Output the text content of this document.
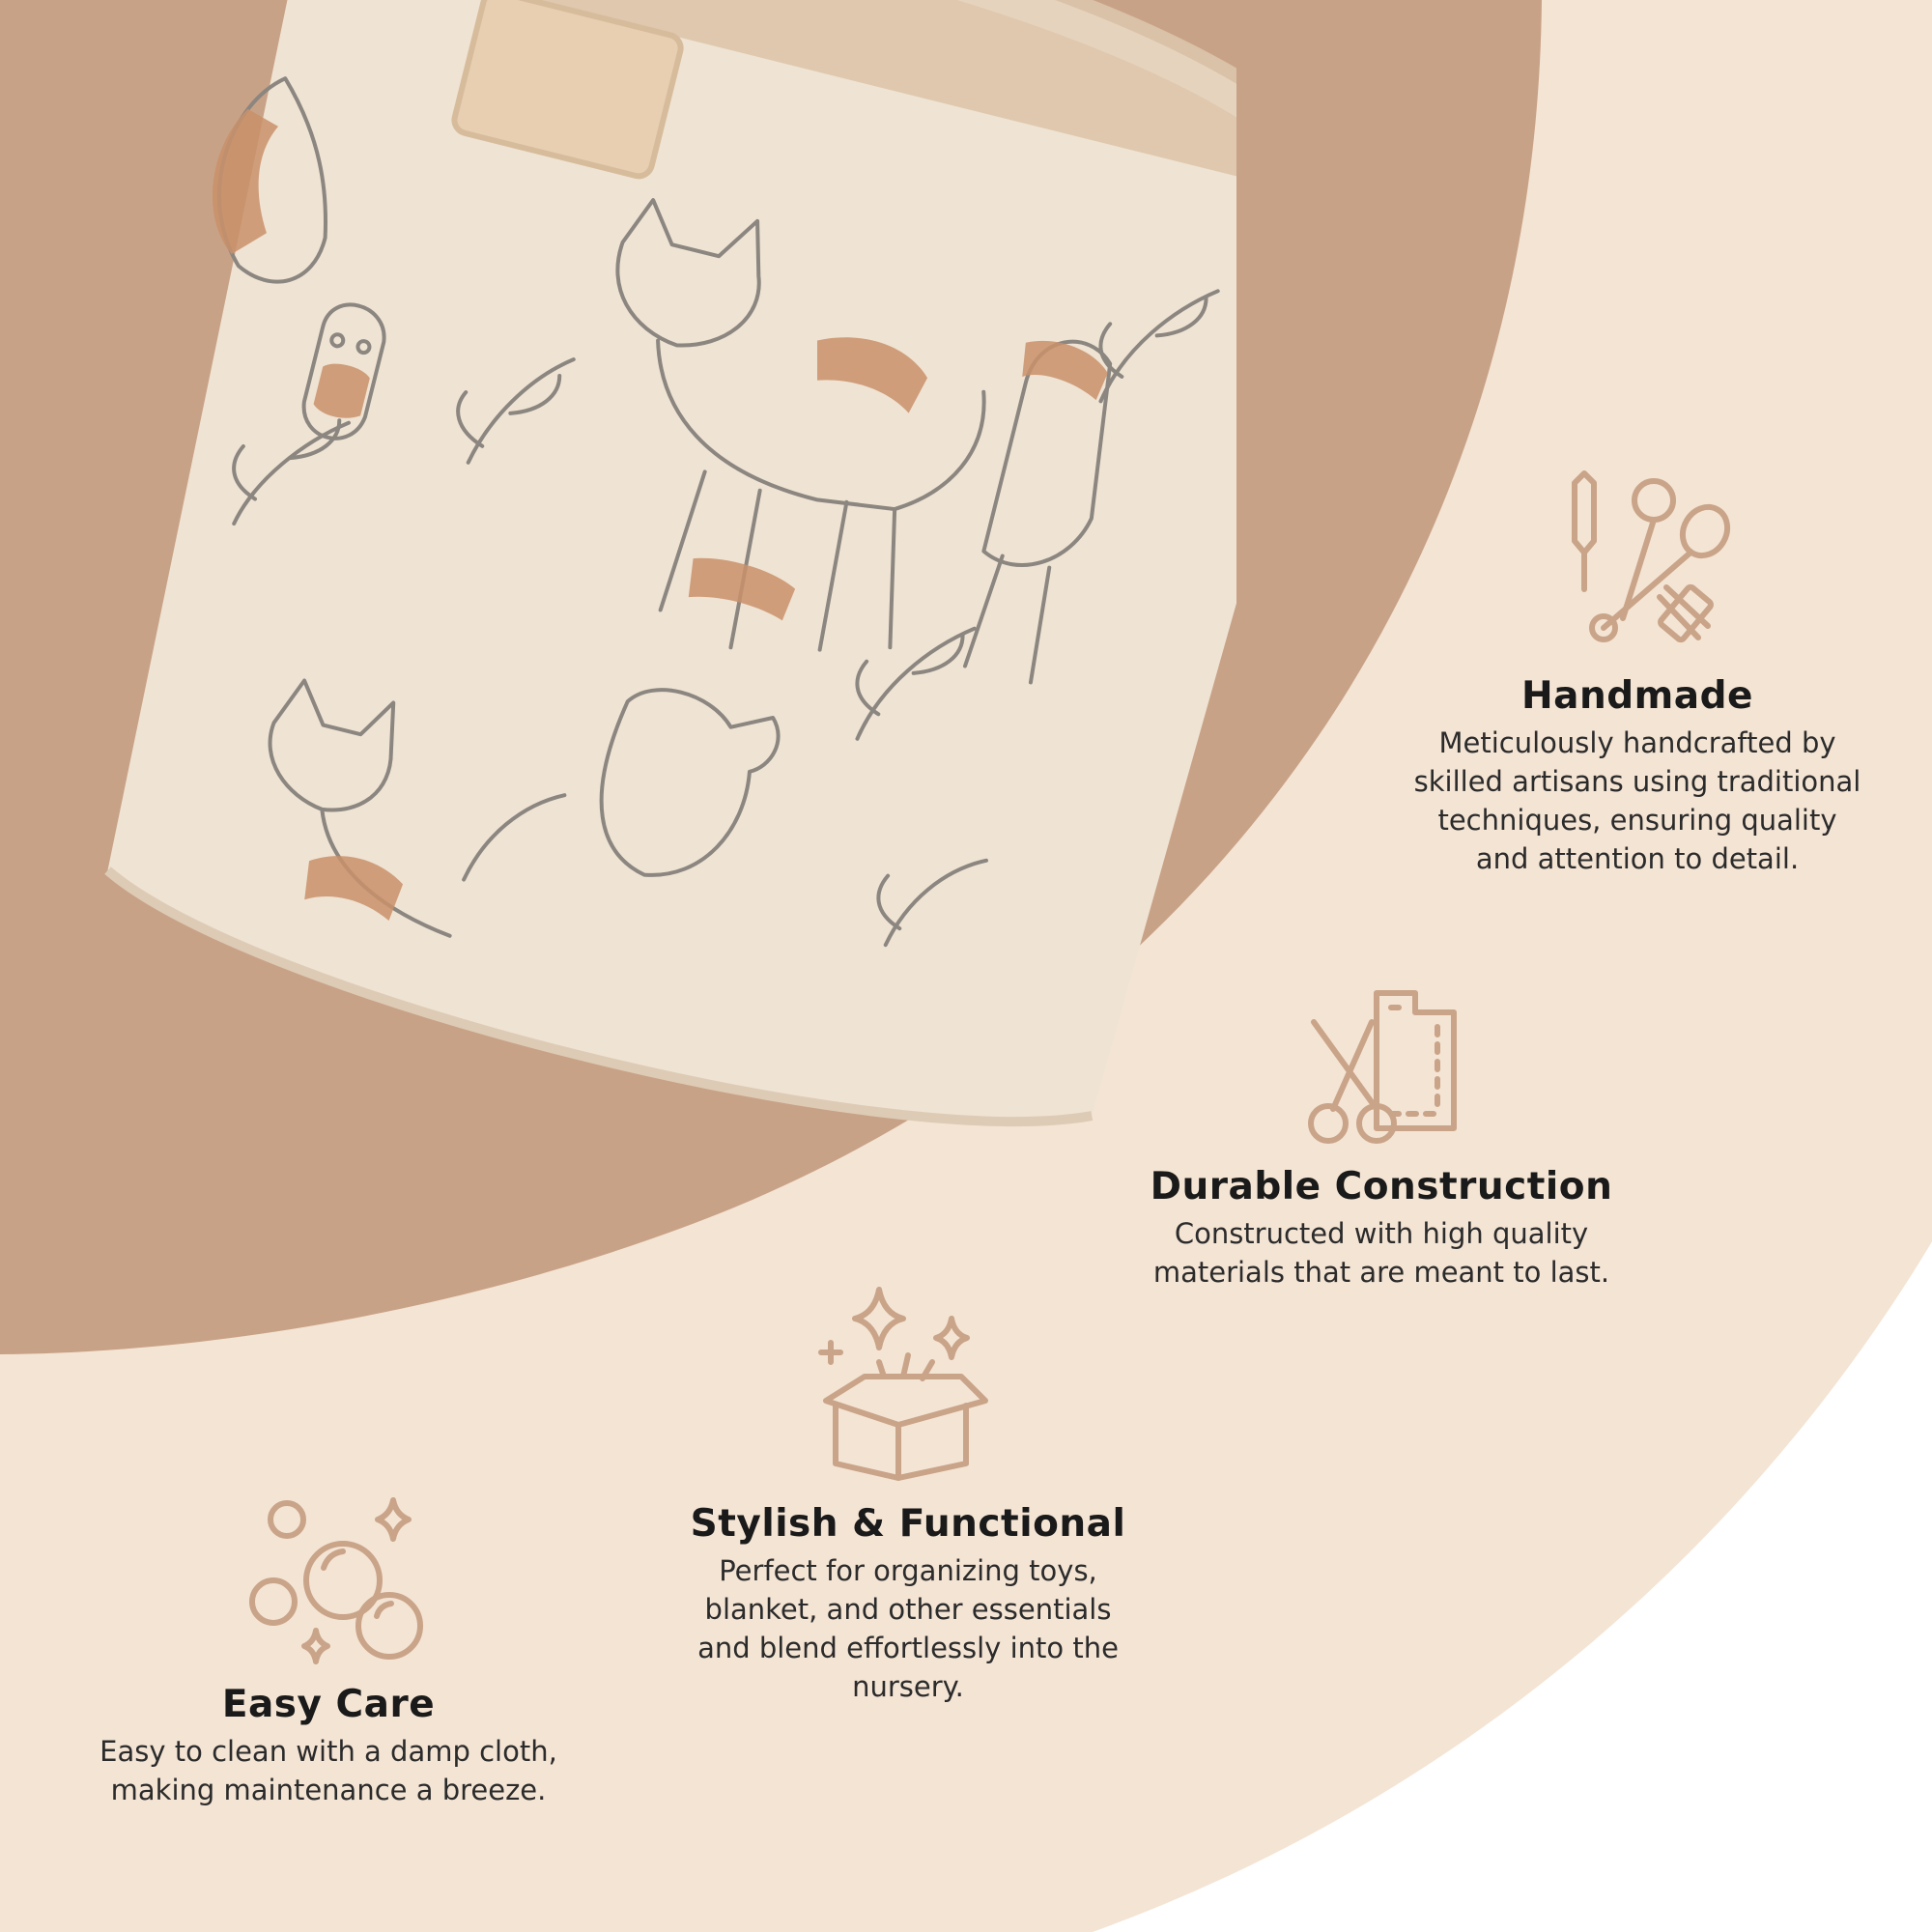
Handmade

Meticulously handcrafted by
skilled artisans using traditional
techniques, ensuring quality
and attention to detail.

Durable Construction

Constructed with high quality
materials that are meant to last.

Stylish & Functional

Perfect for organizing toys,
blanket, and other essentials
and blend effortlessly into the
nursery.

Easy Care

Easy to clean with a damp cloth,
making maintenance a breeze.
